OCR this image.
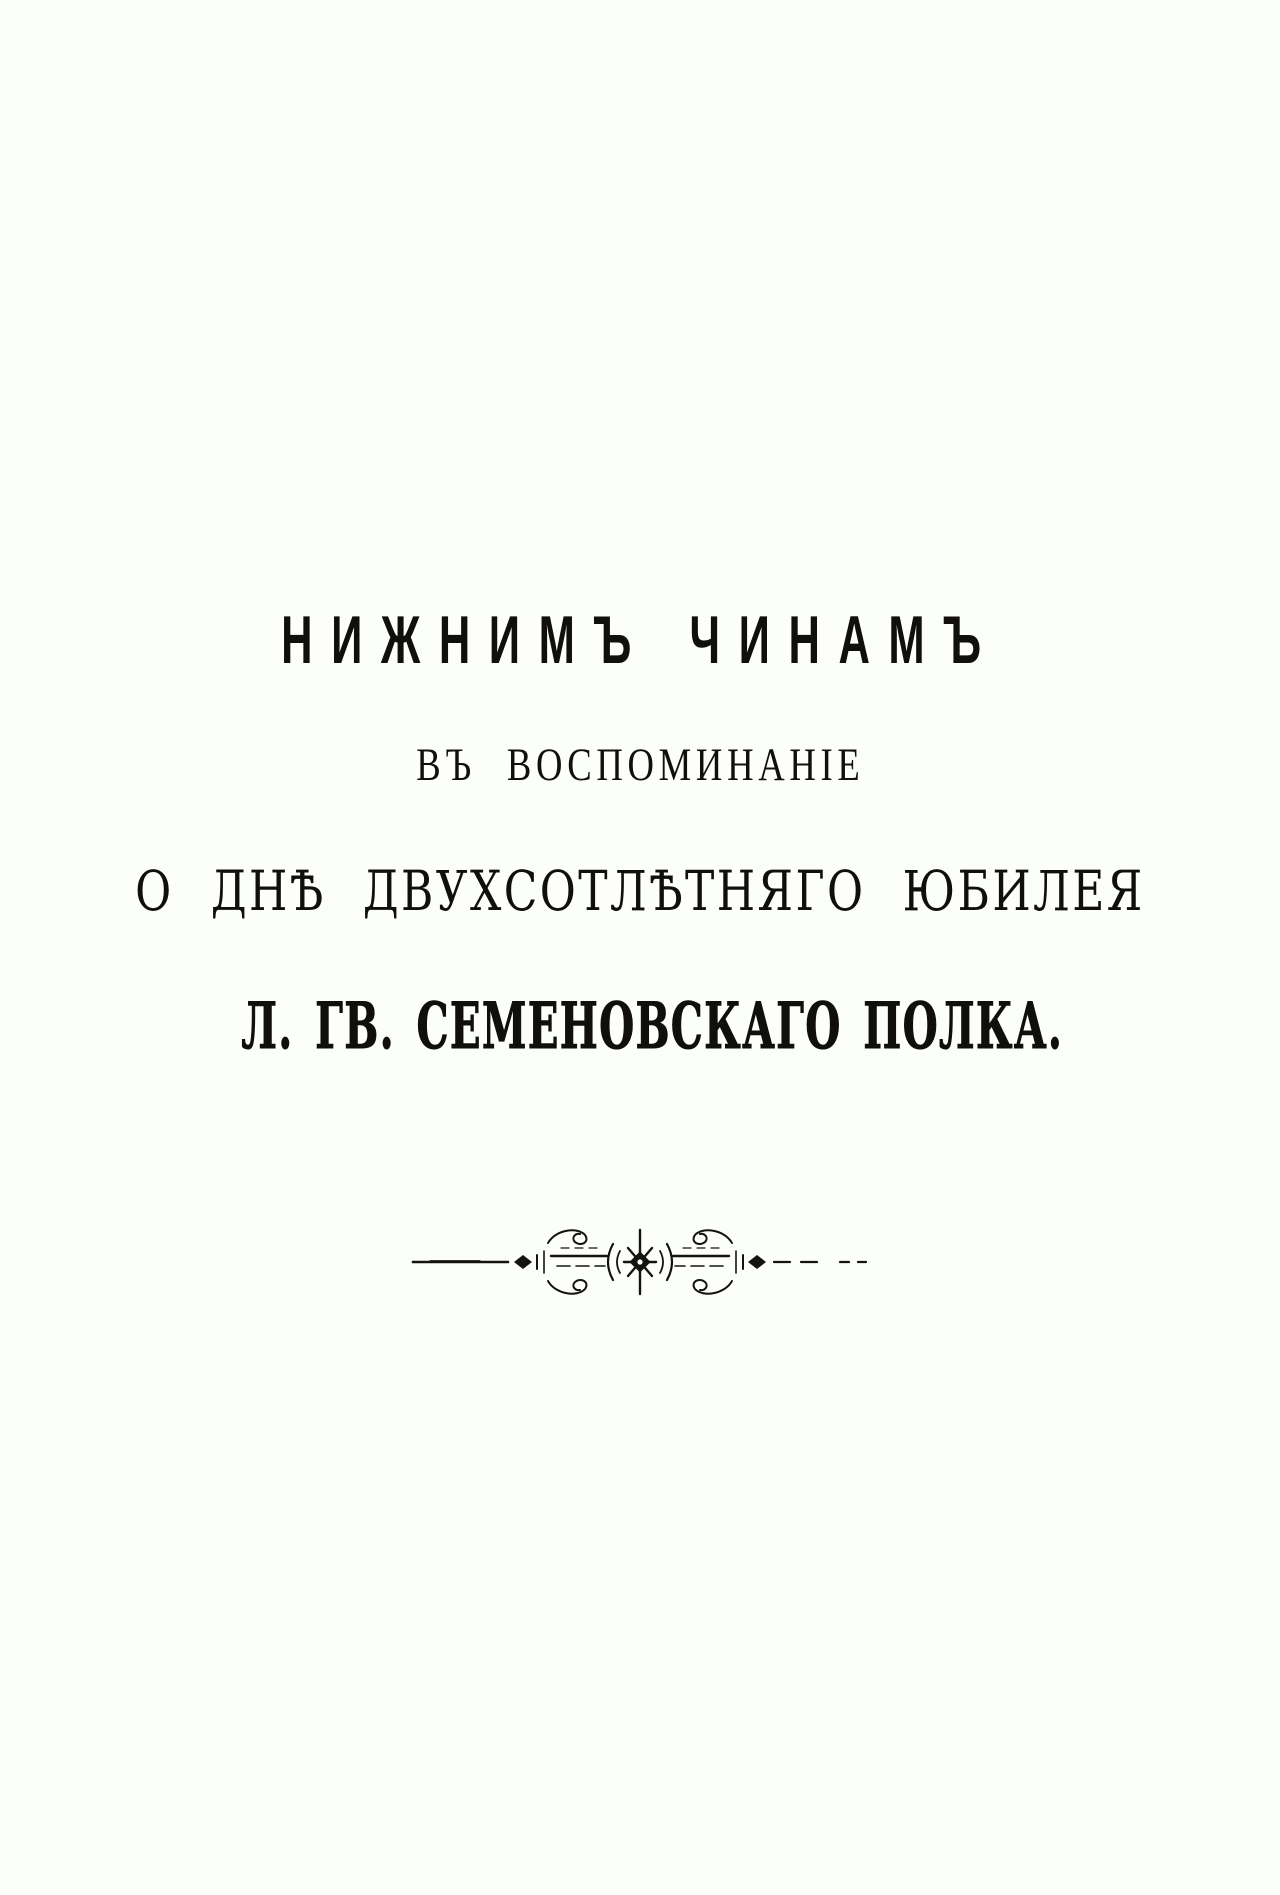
НИЖНИМЪ ЧИНАМЪ
ВЪ ВОСПОМИНАНІЕ
О ДНѢ ДВУХСОТЛѢТНЯГО ЮБИЛЕЯ
Л. ГВ. СЕМЕНОВСКАГО ПОЛКА.
